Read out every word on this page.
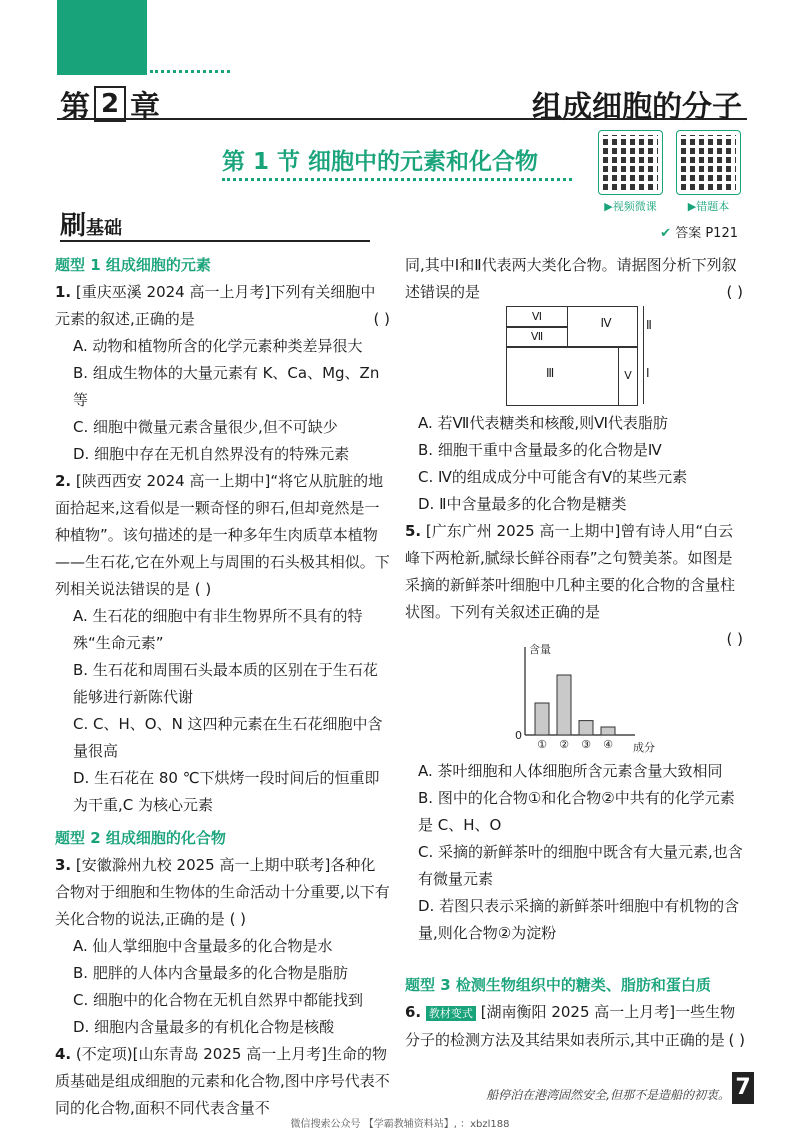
第 2 章	组成细胞的分子
第 1 节 细胞中的元素和化合物
▶视频微课	▶错题本
刷基础	✔ 答案 P121
题型 1 组成细胞的元素
1. [重庆巫溪 2024 高一上月考]下列有关细胞中元素的叙述,正确的是	( )
A. 动物和植物所含的化学元素种类差异很大
B. 组成生物体的大量元素有 K、Ca、Mg、Zn 等
C. 细胞中微量元素含量很少,但不可缺少
D. 细胞中存在无机自然界没有的特殊元素
2. [陕西西安 2024 高一上期中]“将它从肮脏的地面拾起来,这看似是一颗奇怪的卵石,但却竟然是一种植物”。该句描述的是一种多年生肉质草本植物——生石花,它在外观上与周围的石头极其相似。下列相关说法错误的是 ( )
A. 生石花的细胞中有非生物界所不具有的特殊“生命元素”
B. 生石花和周围石头最本质的区别在于生石花能够进行新陈代谢
C. C、H、O、N 这四种元素在生石花细胞中含量很高
D. 生石花在 80 ℃下烘烤一段时间后的恒重即为干重,C 为核心元素
题型 2 组成细胞的化合物
3. [安徽滁州九校 2025 高一上期中联考]各种化合物对于细胞和生物体的生命活动十分重要,以下有关化合物的说法,正确的是 ( )
A. 仙人掌细胞中含量最多的化合物是水
B. 肥胖的人体内含量最多的化合物是脂肪
C. 细胞中的化合物在无机自然界中都能找到
D. 细胞内含量最多的有机化合物是核酸
4. (不定项)[山东青岛 2025 高一上月考]生命的物质基础是组成细胞的元素和化合物,图中序号代表不同的化合物,面积不同代表含量不
同,其中Ⅰ和Ⅱ代表两大类化合物。请据图分析下列叙述错误的是	( )
Ⅵ
Ⅶ
Ⅳ
Ⅲ	Ⅴ
Ⅱ
Ⅰ
A. 若Ⅶ代表糖类和核酸,则Ⅵ代表脂肪
B. 细胞干重中含量最多的化合物是Ⅳ
C. Ⅳ的组成成分中可能含有Ⅴ的某些元素
D. Ⅱ中含量最多的化合物是糖类
5. [广东广州 2025 高一上期中]曾有诗人用“白云峰下两枪新,腻绿长鲜谷雨春”之句赞美茶。如图是采摘的新鲜茶叶细胞中几种主要的化合物的含量柱状图。下列有关叙述正确的是
( )
含量
成分
0
① ② ③ ④
A. 茶叶细胞和人体细胞所含元素含量大致相同
B. 图中的化合物①和化合物②中共有的化学元素是 C、H、O
C. 采摘的新鲜茶叶的细胞中既含有大量元素,也含有微量元素
D. 若图只表示采摘的新鲜茶叶细胞中有机物的含量,则化合物②为淀粉
题型 3 检测生物组织中的糖类、脂肪和蛋白质
6. 教材变式 [湖南衡阳 2025 高一上月考]一些生物分子的检测方法及其结果如表所示,其中正确的是 ( )
船停泊在港湾固然安全,但那不是造船的初衷。 7
微信搜索公众号 【学霸教辅资料站】, ：xbzl188
